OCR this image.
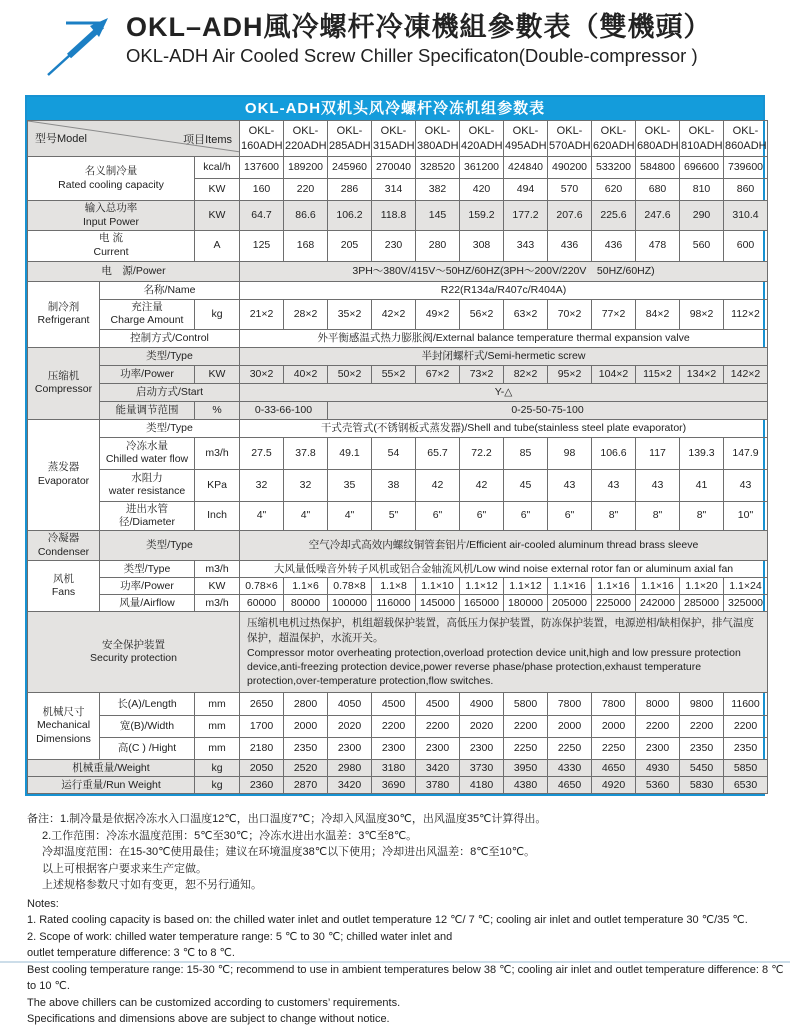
OKL–ADH風冷螺杆冷凍機組參數表（雙機頭）
OKL-ADH Air Cooled Screw Chiller Specificaton(Double-compressor )
OKL-ADH双机头风冷螺杆冷冻机组参数表
型号Model 项目Items			OKL- 160ADH	OKL- 220ADH	OKL- 285ADH	OKL- 315ADH	OKL- 380ADH	OKL- 420ADH	OKL- 495ADH	OKL- 570ADH	OKL- 620ADH	OKL- 680ADH	OKL- 810ADH	OKL- 860ADH

名义制冷量
Rated cooling capacity		kcal/h	137600	189200	245960	270040	328520	361200	424840	490200	533200	584800	696600	739600
		KW	160	220	286	314	382	420	494	570	620	680	810	860

输入总功率
Input Power		KW	64.7	86.6	106.2	118.8	145	159.2	177.2	207.6	225.6	247.6	290	310.4

电 流
Current		A	125	168	205	230	280	308	343	436	436	478	560	600
电　源/Power			3PH～380V/415V～50HZ/60HZ(3PH～200V/220V　50HZ/60HZ)											

制冷剂
Refrigerant	名称/Name		R22(R134a/R407c/R404A)											

	充注量
Charge Amount	kg	21×2	28×2	35×2	42×2	49×2	56×2	63×2	70×2	77×2	84×2	98×2	112×2
	控制方式/Control		外平衡感温式热力膨胀阀/External balance temperature thermal expansion valve											

压缩机
Compressor	类型/Type		半封闭螺杆式/Semi-hermetic screw											
	功率/Power	KW	30×2	40×2	50×2	55×2	67×2	73×2	82×2	95×2	104×2	115×2	134×2	142×2
	启动方式/Start		Y-△											
	能量调节范围	%	0-33-66-100		0-25-50-75-100									

蒸发器
Evaporator	类型/Type		干式壳管式(不锈钢板式蒸发器)/Shell and tube(stainless steel plate evaporator)											

	冷冻水量
Chilled water flow	m3/h	27.5	37.8	49.1	54	65.7	72.2	85	98	106.6	117	139.3	147.9

	水阻力
water resistance	KPa	32	32	35	38	42	42	45	43	43	43	41	43
	进出水管径/Diameter	Inch	4"	4"	4"	5"	6"	6"	6"	6"	8"	8"	8"	10"

冷凝器
Condenser	类型/Type		空气冷却式高效内螺纹铜管套铝片/Efficient air-cooled aluminum thread brass sleeve											

风机
Fans	类型/Type	m3/h	大风量低噪音外转子风机或铝合金轴流风机/Low wind noise external rotor fan or aluminum axial fan											
	功率/Power	KW	0.78×6	1.1×6	0.78×8	1.1×8	1.1×10	1.1×12	1.1×12	1.1×16	1.1×16	1.1×16	1.1×20	1.1×24
	风量/Airflow	m3/h	60000	80000	100000	116000	145000	165000	180000	205000	225000	242000	285000	325000

安全保护装置
Security protection

压缩机电机过热保护，机组超载保护装置，高低压力保护装置，防冻保护装置，电源逆相/缺相保护，排气温度保护，超温保护，水流开关。
Compressor motor overheating protection,overload protection device unit,high and low pressure protection device,anti-freezing protection device,power reverse phase/phase protection,exhaust temperature protection,over-temperature protection,flow switches.

机械尺寸
Mechanical Dimensions	长(A)/Length	mm	2650	2800	4050	4500	4500	4900	5800	7800	7800	8000	9800	11600
	宽(B)/Width	mm	1700	2000	2020	2200	2200	2020	2200	2000	2000	2200	2200	2200
	高(C ) /Hight	mm	2180	2350	2300	2300	2300	2300	2250	2250	2250	2300	2350	2350
机械重量/Weight		kg	2050	2520	2980	3180	3420	3730	3950	4330	4650	4930	5450	5850
运行重量/Run Weight		kg	2360	2870	3420	3690	3780	4180	4380	4650	4920	5360	5830	6530
备注：1.制冷量是依据冷冻水入口温度12℃，出口温度7℃；冷却入风温度30℃，出风温度35℃计算得出。
2.工作范围：冷冻水温度范围：5℃至30℃；冷冻水进出水温差：3℃至8℃。
冷却温度范围：在15-30℃使用最佳；建议在环境温度38℃以下使用；冷却进出风温差：8℃至10℃。
以上可根据客户要求来生产定做。
上述规格参数尺寸如有变更，恕不另行通知。
Notes:
1. Rated cooling capacity is based on: the chilled water inlet and outlet temperature 12 ℃/ 7 ℃; cooling air inlet and outlet temperature 30 ℃/35 ℃.
2. Scope of work: chilled water temperature range: 5 ℃ to 30 ℃; chilled water inlet and
outlet temperature difference: 3 ℃ to 8 ℃.
Best cooling temperature range: 15-30 ℃; recommend to use in ambient temperatures below 38 ℃; cooling air inlet and outlet temperature difference: 8 ℃ to 10 ℃.
The above chillers can be customized according to customers’ requirements.
Specifications and dimensions above are subject to change without notice.
